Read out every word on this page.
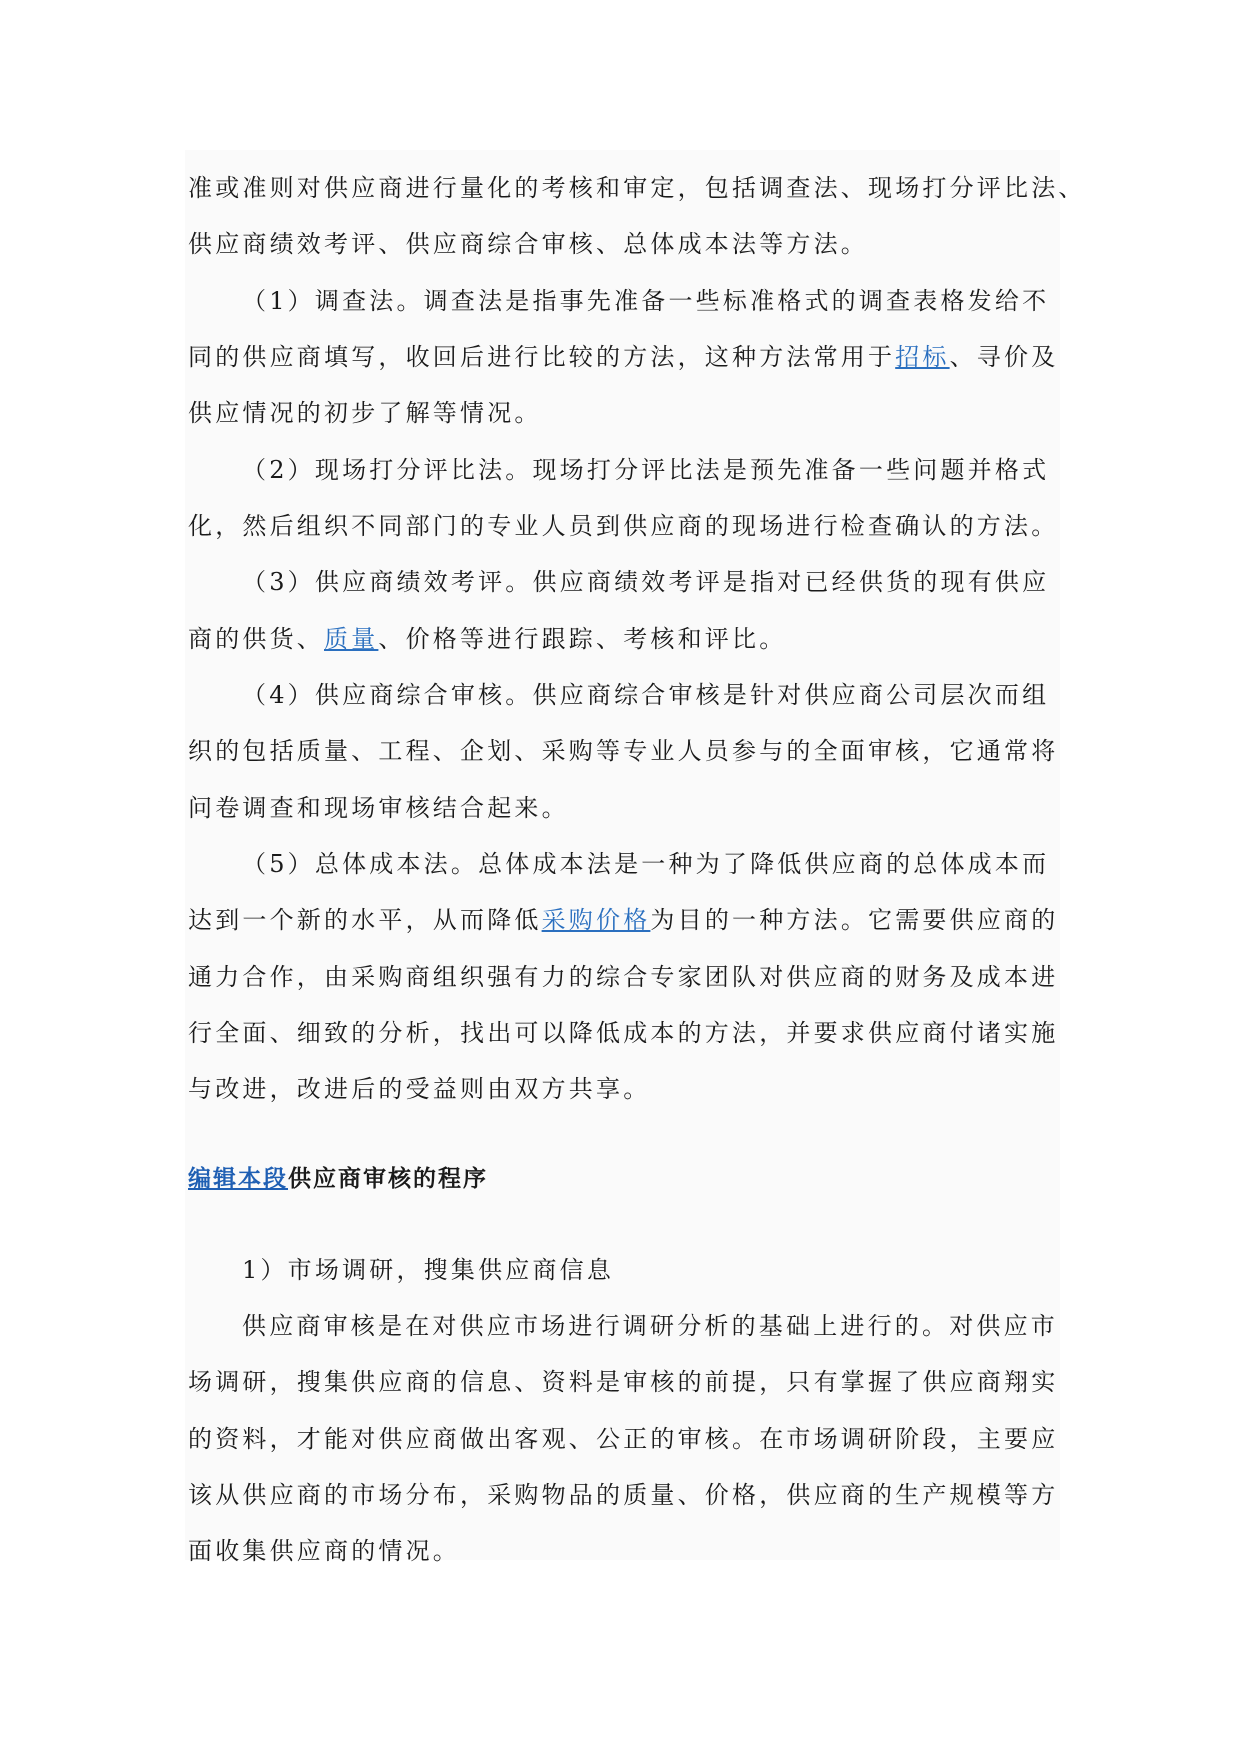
准或准则对供应商进行量化的考核和审定，包括调查法、现场打分评比法、
供应商绩效考评、供应商综合审核、总体成本法等方法。
（1）调查法。调查法是指事先准备一些标准格式的调查表格发给不
同的供应商填写，收回后进行比较的方法，这种方法常用于招标、寻价及
供应情况的初步了解等情况。
（2）现场打分评比法。现场打分评比法是预先准备一些问题并格式
化，然后组织不同部门的专业人员到供应商的现场进行检查确认的方法。
（3）供应商绩效考评。供应商绩效考评是指对已经供货的现有供应
商的供货、质量、价格等进行跟踪、考核和评比。
（4）供应商综合审核。供应商综合审核是针对供应商公司层次而组
织的包括质量、工程、企划、采购等专业人员参与的全面审核，它通常将
问卷调查和现场审核结合起来。
（5）总体成本法。总体成本法是一种为了降低供应商的总体成本而
达到一个新的水平，从而降低采购价格为目的一种方法。它需要供应商的
通力合作，由采购商组织强有力的综合专家团队对供应商的财务及成本进
行全面、细致的分析，找出可以降低成本的方法，并要求供应商付诸实施
与改进，改进后的受益则由双方共享。
编辑本段供应商审核的程序
1）市场调研，搜集供应商信息
供应商审核是在对供应市场进行调研分析的基础上进行的。对供应市
场调研，搜集供应商的信息、资料是审核的前提，只有掌握了供应商翔实
的资料，才能对供应商做出客观、公正的审核。在市场调研阶段，主要应
该从供应商的市场分布，采购物品的质量、价格，供应商的生产规模等方
面收集供应商的情况。
